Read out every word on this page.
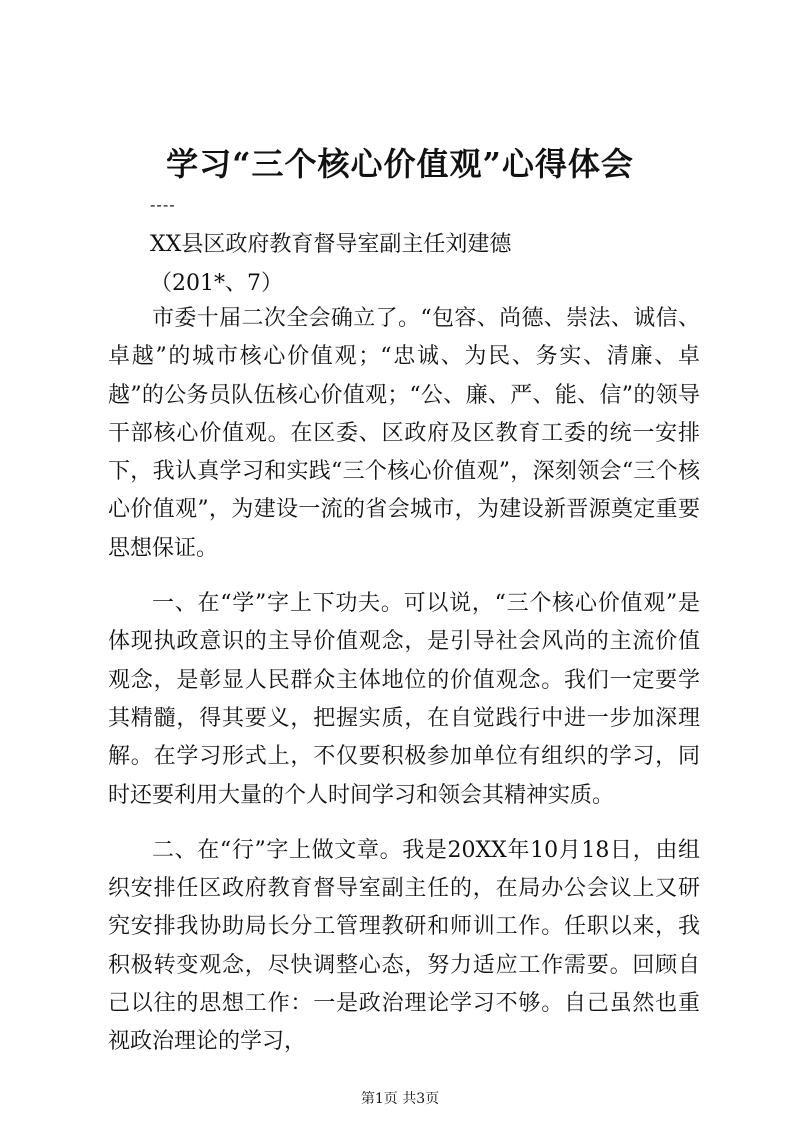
学习“三个核心价值观”心得体会
----
XX县区政府教育督导室副主任刘建德
（201*、7）

市委十届二次全会确立了。“包容、尚德、崇法、诚信、卓越”的城市核心价值观；“忠诚、为民、务实、清廉、卓越”的公务员队伍核心价值观；“公、廉、严、能、信”的领导干部核心价值观。在区委、区政府及区教育工委的统一安排下，我认真学习和实践“三个核心价值观”，深刻领会“三个核心价值观”，为建设一流的省会城市，为建设新晋源奠定重要思想保证。

一、在“学”字上下功夫。可以说，“三个核心价值观”是体现执政意识的主导价值观念，是引导社会风尚的主流价值观念，是彰显人民群众主体地位的价值观念。我们一定要学其精髓，得其要义，把握实质，在自觉践行中进一步加深理解。在学习形式上，不仅要积极参加单位有组织的学习，同时还要利用大量的个人时间学习和领会其精神实质。

二、在“行”字上做文章。我是20XX年10月18日，由组织安排任区政府教育督导室副主任的，在局办公会议上又研究安排我协助局长分工管理教研和师训工作。任职以来，我积极转变观念，尽快调整心态，努力适应工作需要。回顾自己以往的思想工作：一是政治理论学习不够。自己虽然也重视政治理论的学习，

第1页 共3页
